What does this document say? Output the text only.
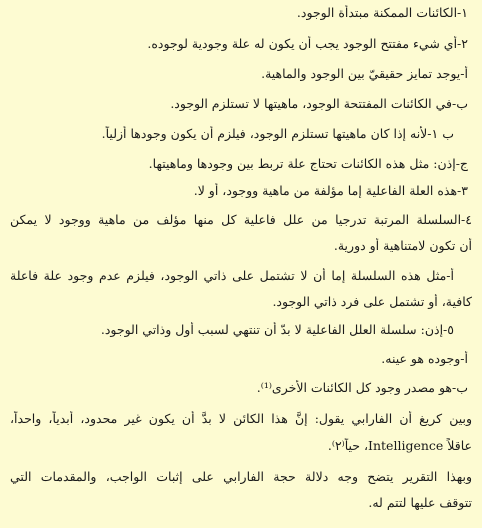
١-الكائنات الممكنة مبتدأة الوجود.
٢-أي شيء مفتتح الوجود يجب أن يكون له علة وجودية لوجوده.
أ-يوجد تمايز حقيقيّ بين الوجود والماهية.
ب-في الكائنات المفتتحة الوجود، ماهيتها لا تستلزم الوجود.
ب ١-لأنه إذا كان ماهيتها تستلزم الوجود، فيلزم أن يكون وجودها أزلياً.
ج-إذن: مثل هذه الكائنات تحتاج علة تربط بين وجودها وماهيتها.
٣-هذه العلة الفاعلية إما مؤلفة من ماهية ووجود، أو لا.
٤-السلسلة المرتبة تدرجيا من علل فاعلية كل منها مؤلف من ماهية ووجود لا يمكن
أن تكون لامتناهية أو دورية.
أ-مثل هذه السلسلة إما أن لا تشتمل على ذاتي الوجود، فيلزم عدم وجود علة فاعلة
كافية، أو تشتمل على فرد ذاتي الوجود.
٥-إذن: سلسلة العلل الفاعلية لا بدّ أن تنتهي لسبب أول وذاتي الوجود.
أ-وجوده هو عينه.
ب-هو مصدر وجود كل الكائنات الأخرى⁽¹⁾.
وبين كريغ أن الفارابي يقول: إنَّ هذا الكائن لا بدَّ أن يكون غير محدود، أبدياً، واحداً،
عاقلاً Intelligence، حياً⁽٢⁾.
وبهذا التقرير يتضح وجه دلالة حجة الفارابي على إثبات الواجب، والمقدمات التي
تتوقف عليها لتتم له.
